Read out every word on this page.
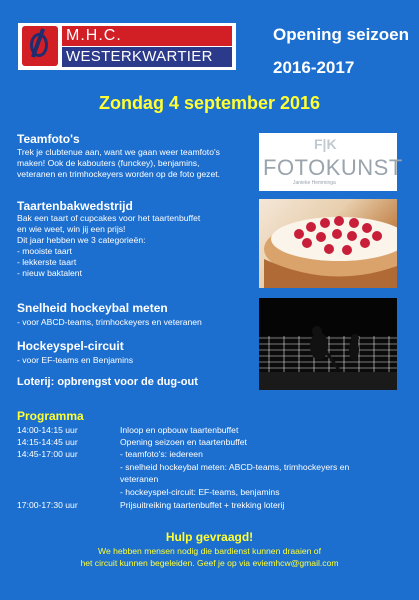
M.H.C.
WESTERKWARTIER
Opening seizoen
2016-2017
Zondag 4 september 2016
Teamfoto's
Trek je clubtenue aan, want we gaan weer teamfoto's
maken! Ook de kabouters (funckey), benjamins,
veteranen en trimhockeyers worden op de foto gezet.
F|K
FOTOKUNST
Janieke Hemminga
Taartenbakwedstrijd
Bak een taart of cupcakes voor het taartenbuffet
en wie weet, win jij een prijs!
Dit jaar hebben we 3 categorieën:
- mooiste taart
- lekkerste taart
- nieuw baktalent
Snelheid hockeybal meten
- voor ABCD-teams, trimhockeyers en veteranen
Hockeyspel-circuit
- voor EF-teams en Benjamins
Loterij: opbrengst voor de dug-out
Programma
14:00-14:15 uur	Inloop en opbouw taartenbuffet
14:15-14:45 uur	Opening seizoen en taartenbuffet
14:45-17:00 uur	- teamfoto's: iedereen
- snelheid hockeybal meten: ABCD-teams, trimhockeyers en
veteranen
- hockeyspel-circuit: EF-teams, benjamins
17:00-17:30 uur	Prijsuitreiking taartenbuffet + trekking loterij
Hulp gevraagd!
We hebben mensen nodig die bardienst kunnen draaien of
het circuit kunnen begeleiden. Geef je op via eviemhcw@gmail.com
